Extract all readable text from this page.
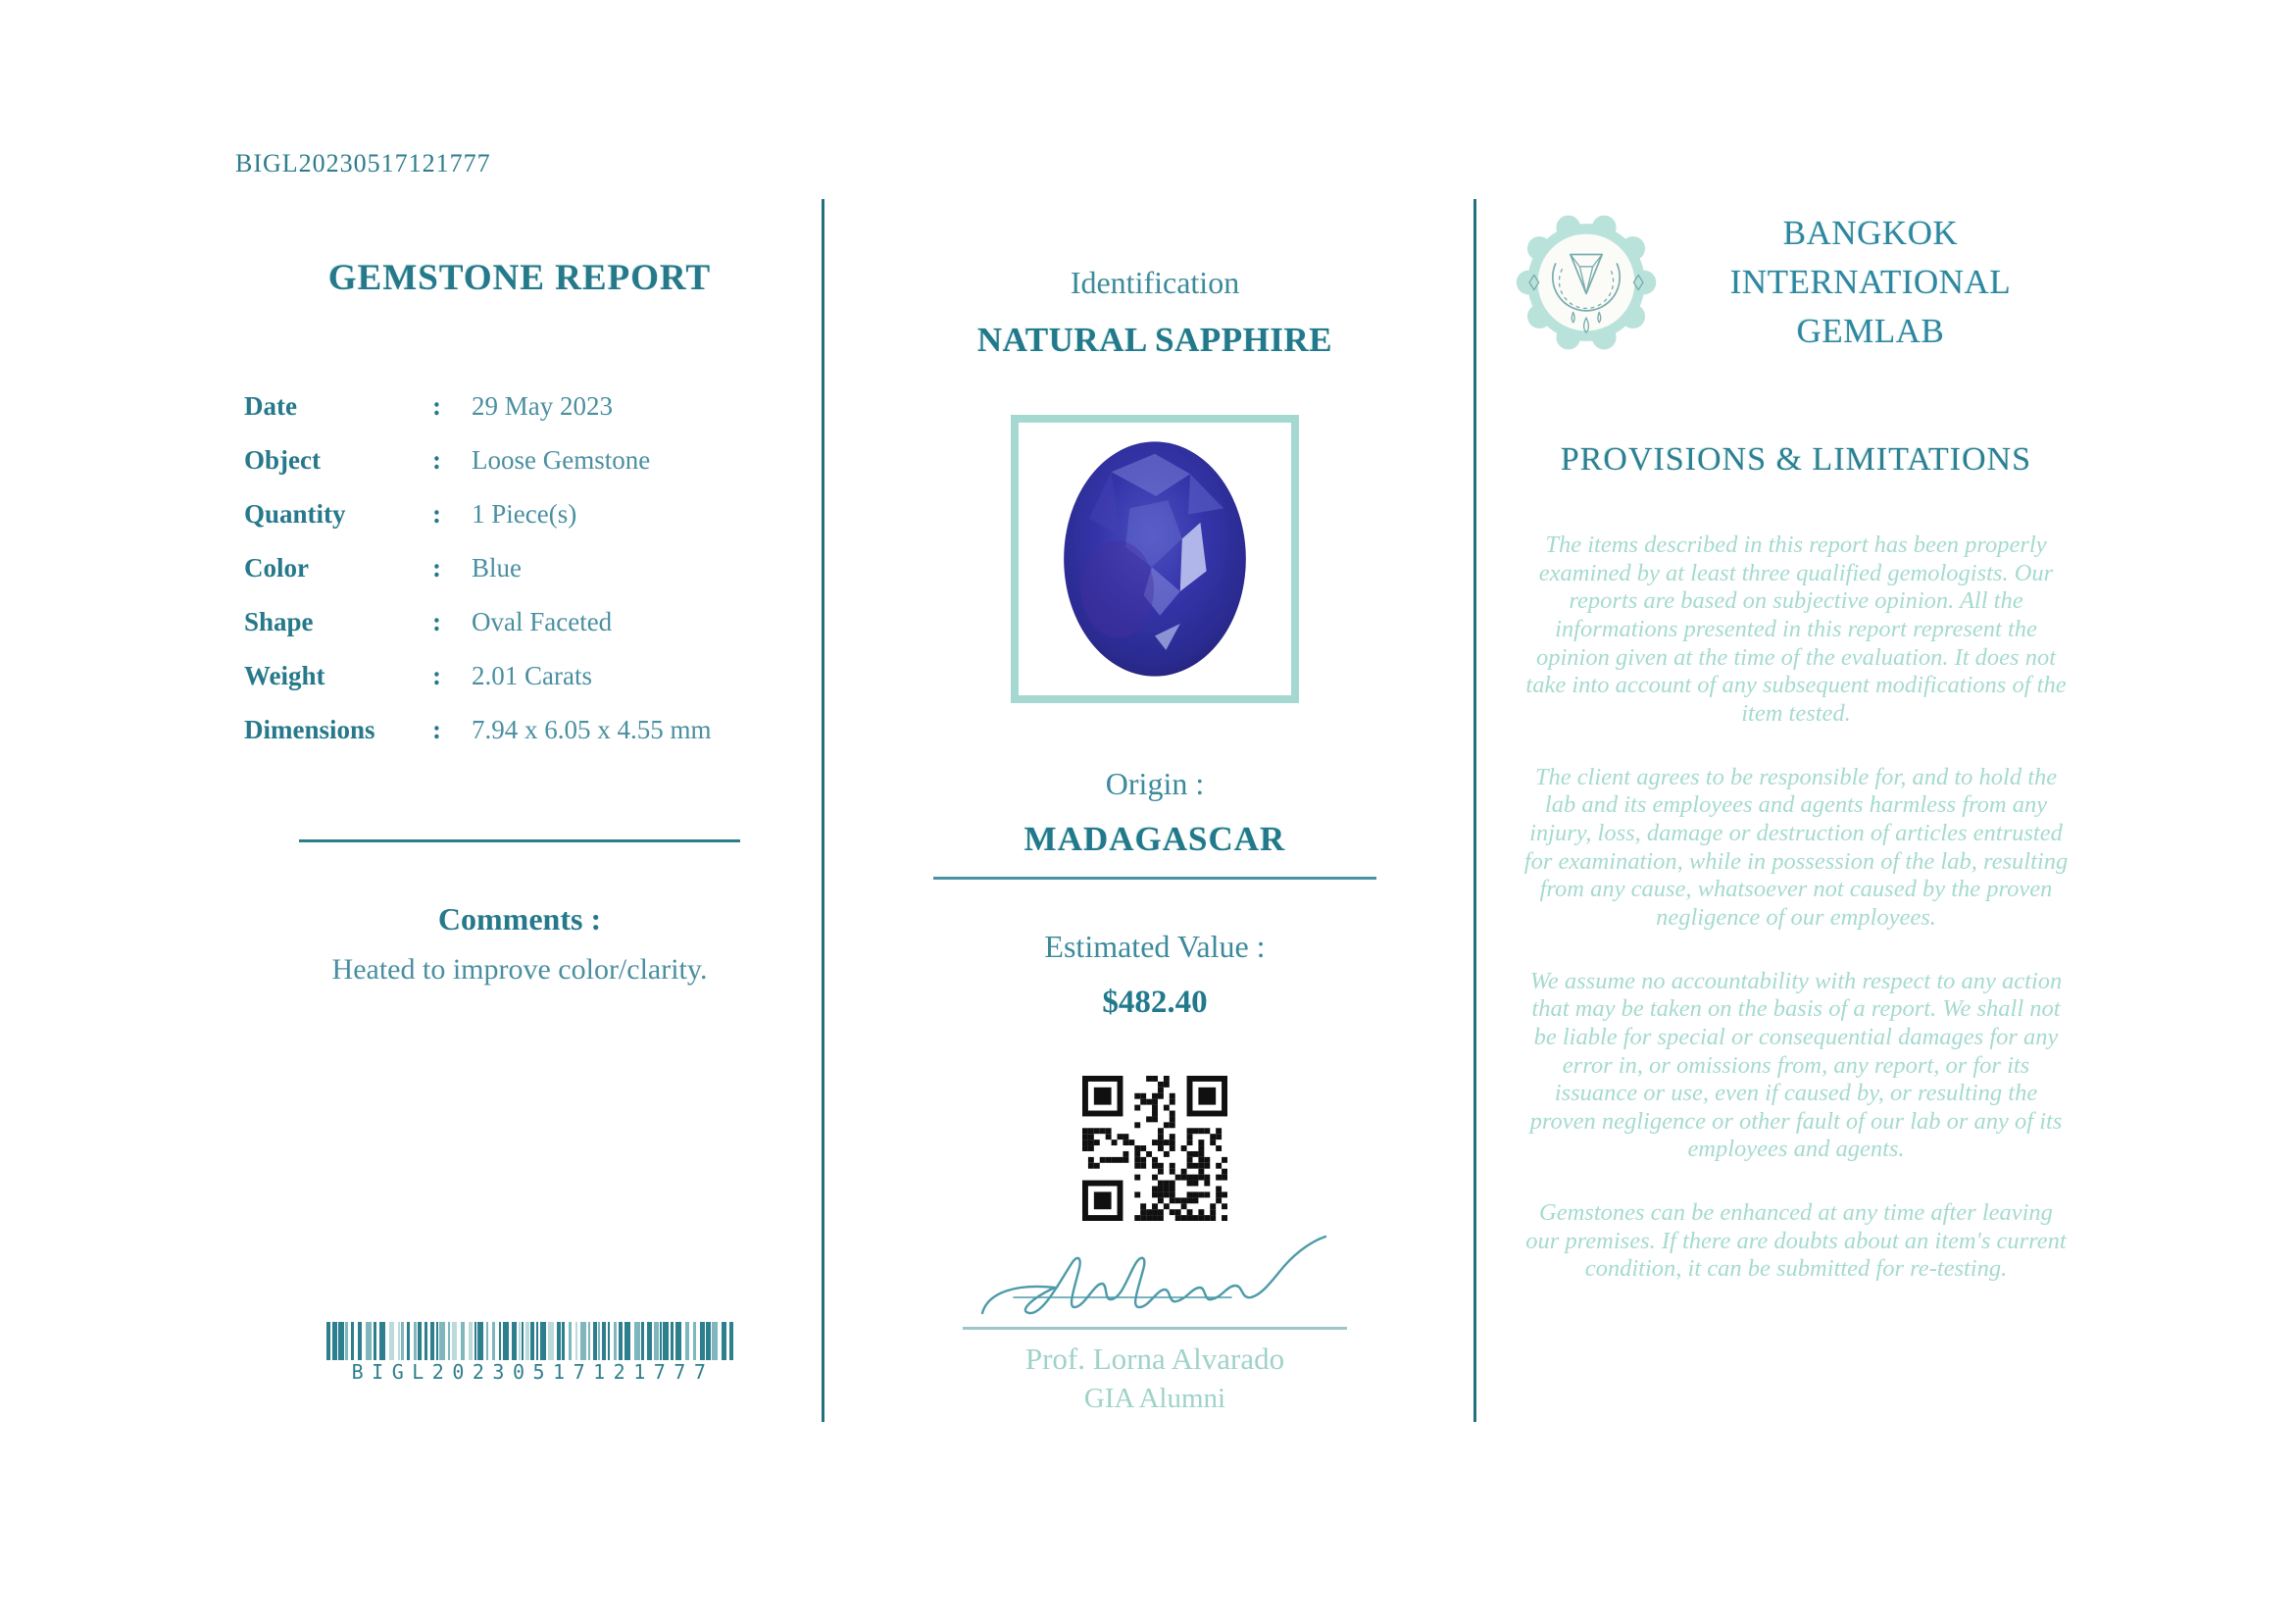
BIGL20230517121777
GEMSTONE REPORT
Date	:	29 May 2023
Object	:	Loose Gemstone
Quantity	:	1 Piece(s)
Color	:	Blue
Shape	:	Oval Faceted
Weight	:	2.01 Carats
Dimensions	:	7.94 x 6.05 x 4.55 mm
Comments :
Heated to improve color/clarity.
BIGL20230517121777
Identification
NATURAL SAPPHIRE
Origin :
MADAGASCAR
Estimated Value :
$482.40
Prof. Lorna Alvarado
GIA Alumni
BANGKOK
INTERNATIONAL
GEMLAB
PROVISIONS & LIMITATIONS

The items described in this report has been properly examined by at least three qualified gemologists. Our reports are based on subjective opinion. All the informations presented in this report represent the opinion given at the time of the evaluation. It does not take into account of any subsequent modifications of the item tested.

The client agrees to be responsible for, and to hold the lab and its employees and agents harmless from any injury, loss, damage or destruction of articles entrusted for examination, while in possession of the lab, resulting from any cause, whatsoever not caused by the proven negligence of our employees.

We assume no accountability with respect to any action that may be taken on the basis of a report. We shall not be liable for special or consequential damages for any error in, or omissions from, any report, or for its issuance or use, even if caused by, or resulting the proven negligence or other fault of our lab or any of its employees and agents.

Gemstones can be enhanced at any time after leaving our premises. If there are doubts about an item's current condition, it can be submitted for re-testing.
